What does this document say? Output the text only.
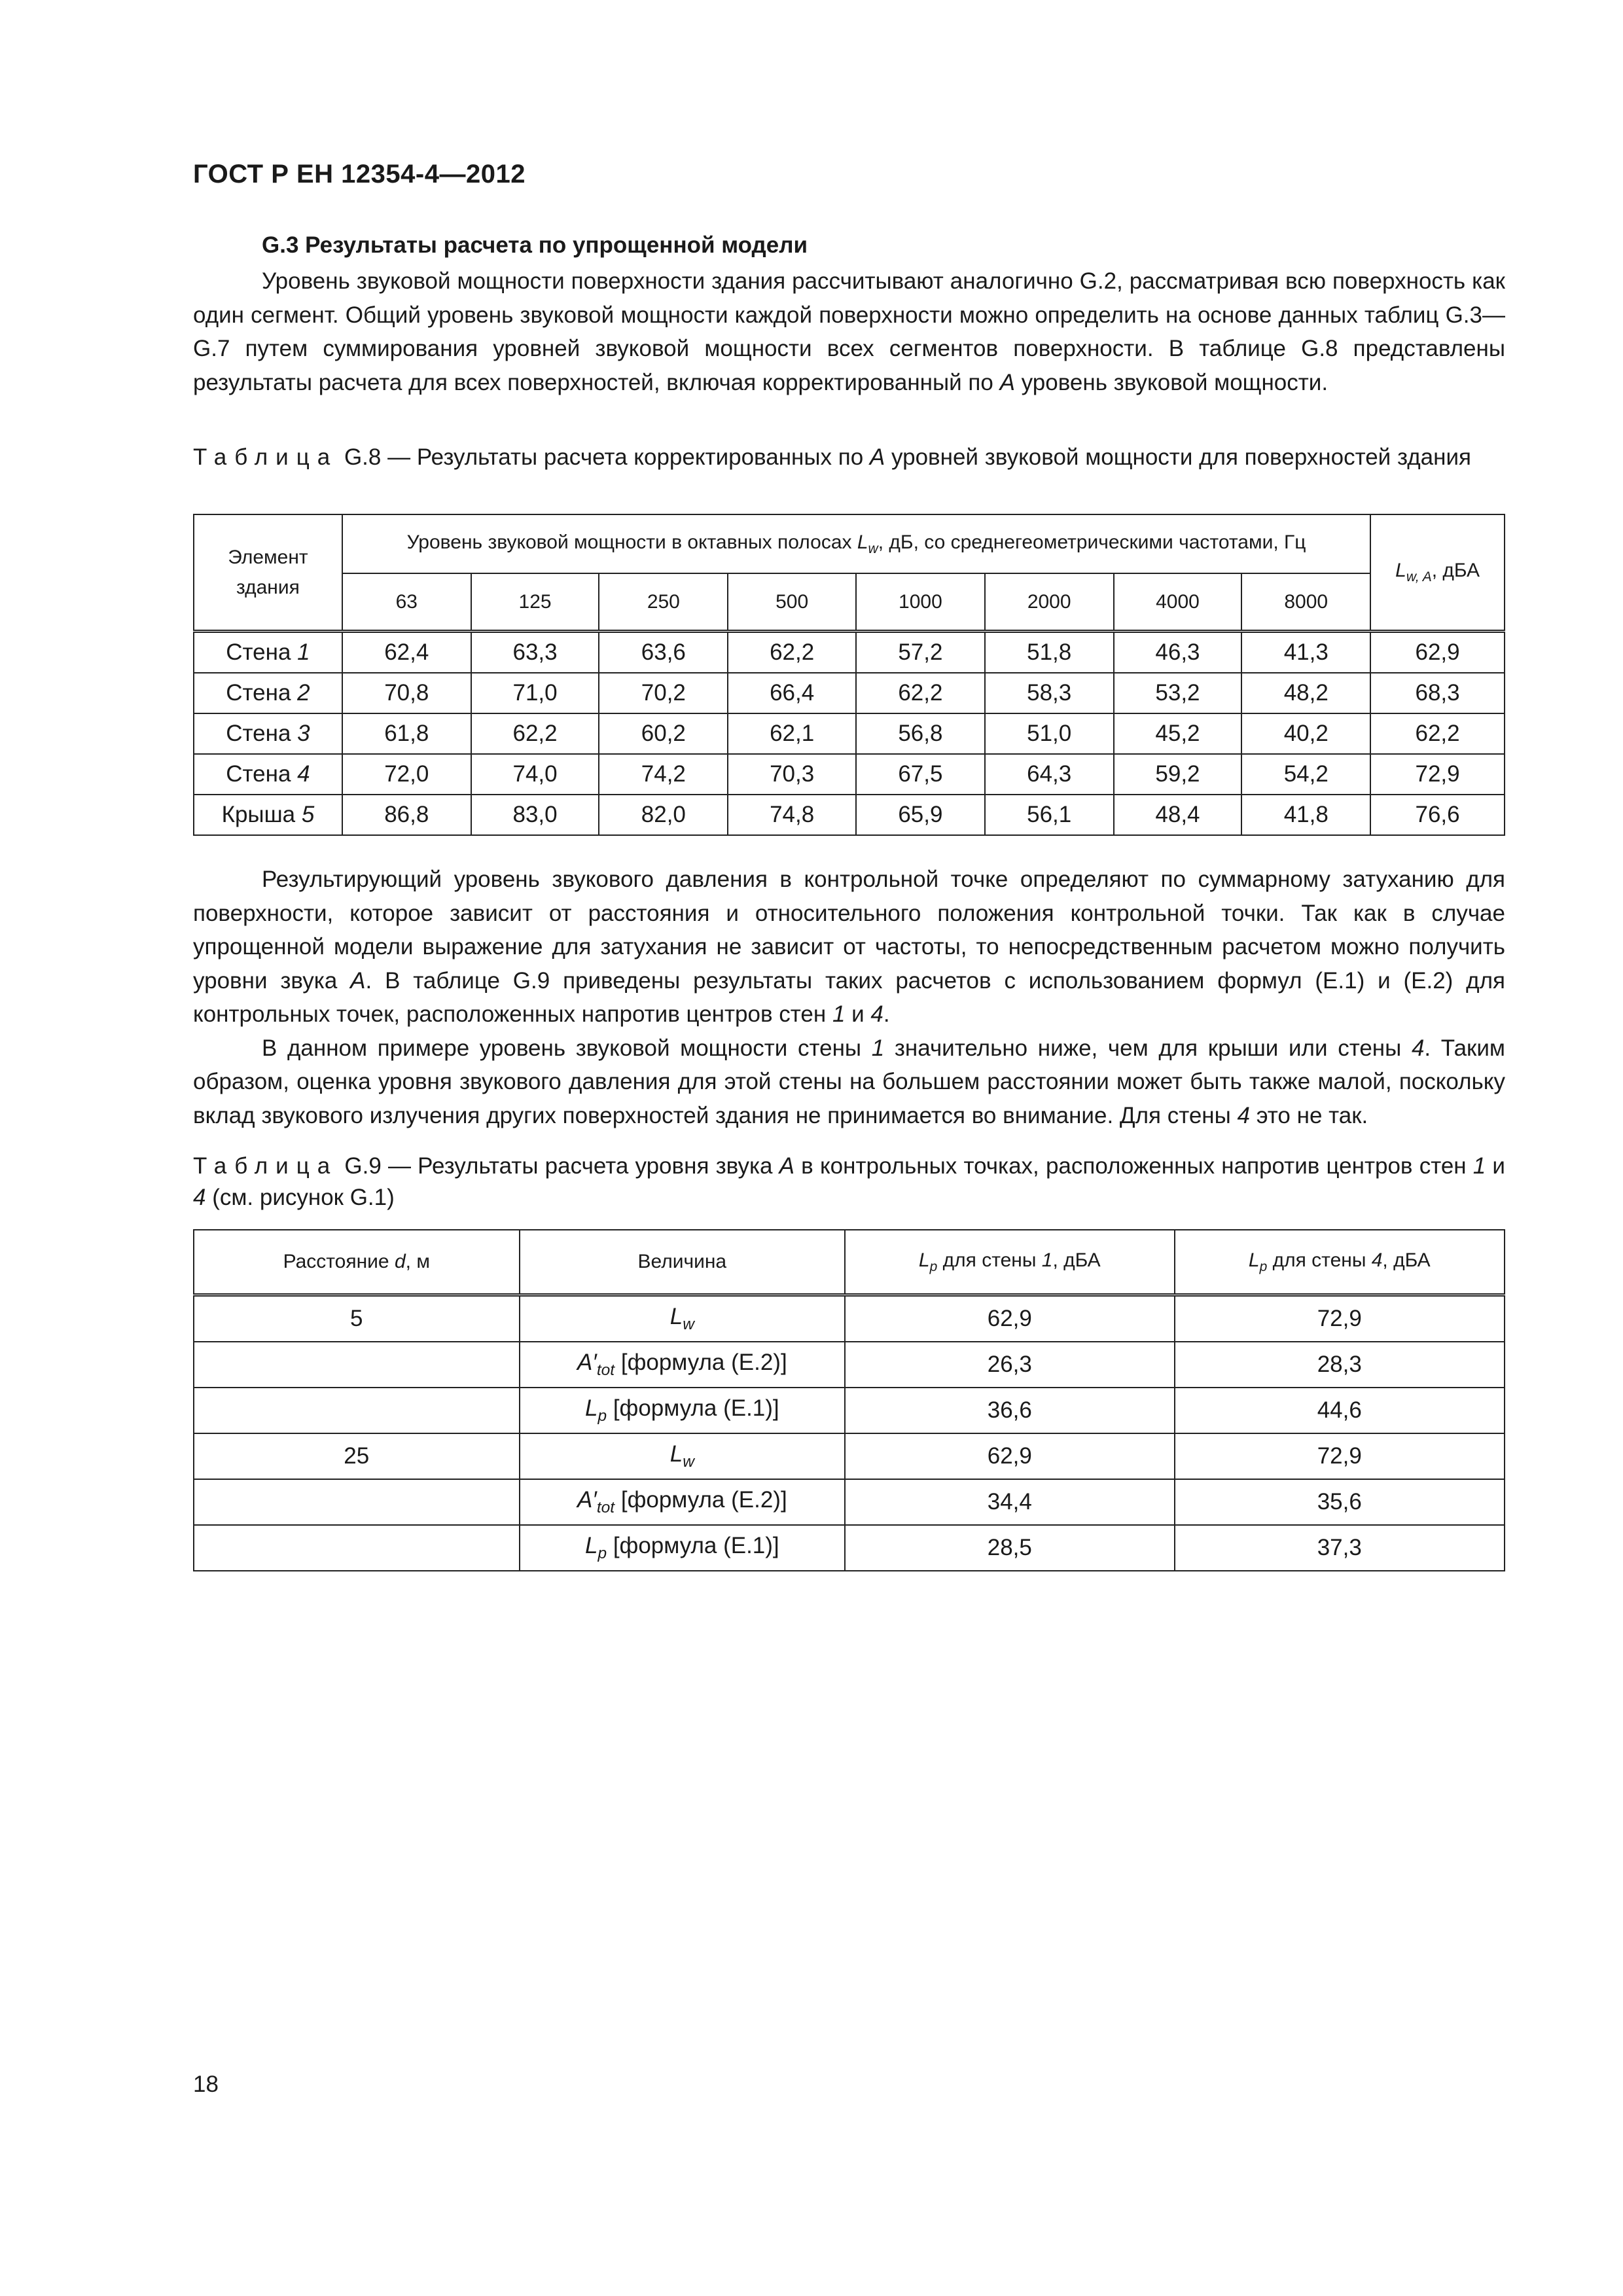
ГОСТ Р ЕН 12354-4—2012
G.3 Результаты расчета по упрощенной модели
Уровень звуковой мощности поверхности здания рассчитывают аналогично G.2, рассматривая всю поверхность как один сегмент. Общий уровень звуковой мощности каждой поверхности можно определить на основе данных таблиц G.3—G.7 путем суммирования уровней звуковой мощности всех сегментов поверхности. В таблице G.8 представлены результаты расчета для всех поверхностей, включая корректированный по A уровень звуковой мощности.
Таблица G.8 — Результаты расчета корректированных по A уровней звуковой мощности для поверхностей здания
Элемент здания	Уровень звуковой мощности в октавных полосах $L_w$, дБ, со среднегеометрическими частотами, Гц								$L_{w, A}$, дБА
	63	125	250	500	1000	2000	4000	8000	
Стена 1	62,4	63,3	63,6	62,2	57,2	51,8	46,3	41,3	62,9
Стена 2	70,8	71,0	70,2	66,4	62,2	58,3	53,2	48,2	68,3
Стена 3	61,8	62,2	60,2	62,1	56,8	51,0	45,2	40,2	62,2
Стена 4	72,0	74,0	74,2	70,3	67,5	64,3	59,2	54,2	72,9
Крыша 5	86,8	83,0	82,0	74,8	65,9	56,1	48,4	41,8	76,6
Результирующий уровень звукового давления в контрольной точке определяют по суммарному затуханию для поверхности, которое зависит от расстояния и относительного положения контрольной точки. Так как в случае упрощенной модели выражение для затухания не зависит от частоты, то непосредственным расчетом можно получить уровни звука A. В таблице G.9 приведены результаты таких расчетов с использованием формул (E.1) и (E.2) для контрольных точек, расположенных напротив центров стен 1 и 4.
В данном примере уровень звуковой мощности стены 1 значительно ниже, чем для крыши или стены 4. Таким образом, оценка уровня звукового давления для этой стены на большем расстоянии может быть также малой, поскольку вклад звукового излучения других поверхностей здания не принимается во внимание. Для стены 4 это не так.
Таблица G.9 — Результаты расчета уровня звука A в контрольных точках, расположенных напротив центров стен 1 и 4 (см. рисунок G.1)
Расстояние d, м	Величина	$L_p$ для стены 1, дБА	$L_p$ для стены 4, дБА
5	$L_w$	62,9	72,9
	$A'_{tot}$ [формула (E.2)]	26,3	28,3
	$L_p$ [формула (E.1)]	36,6	44,6
25	$L_w$	62,9	72,9
	$A'_{tot}$ [формула (E.2)]	34,4	35,6
	$L_p$ [формула (E.1)]	28,5	37,3
18
